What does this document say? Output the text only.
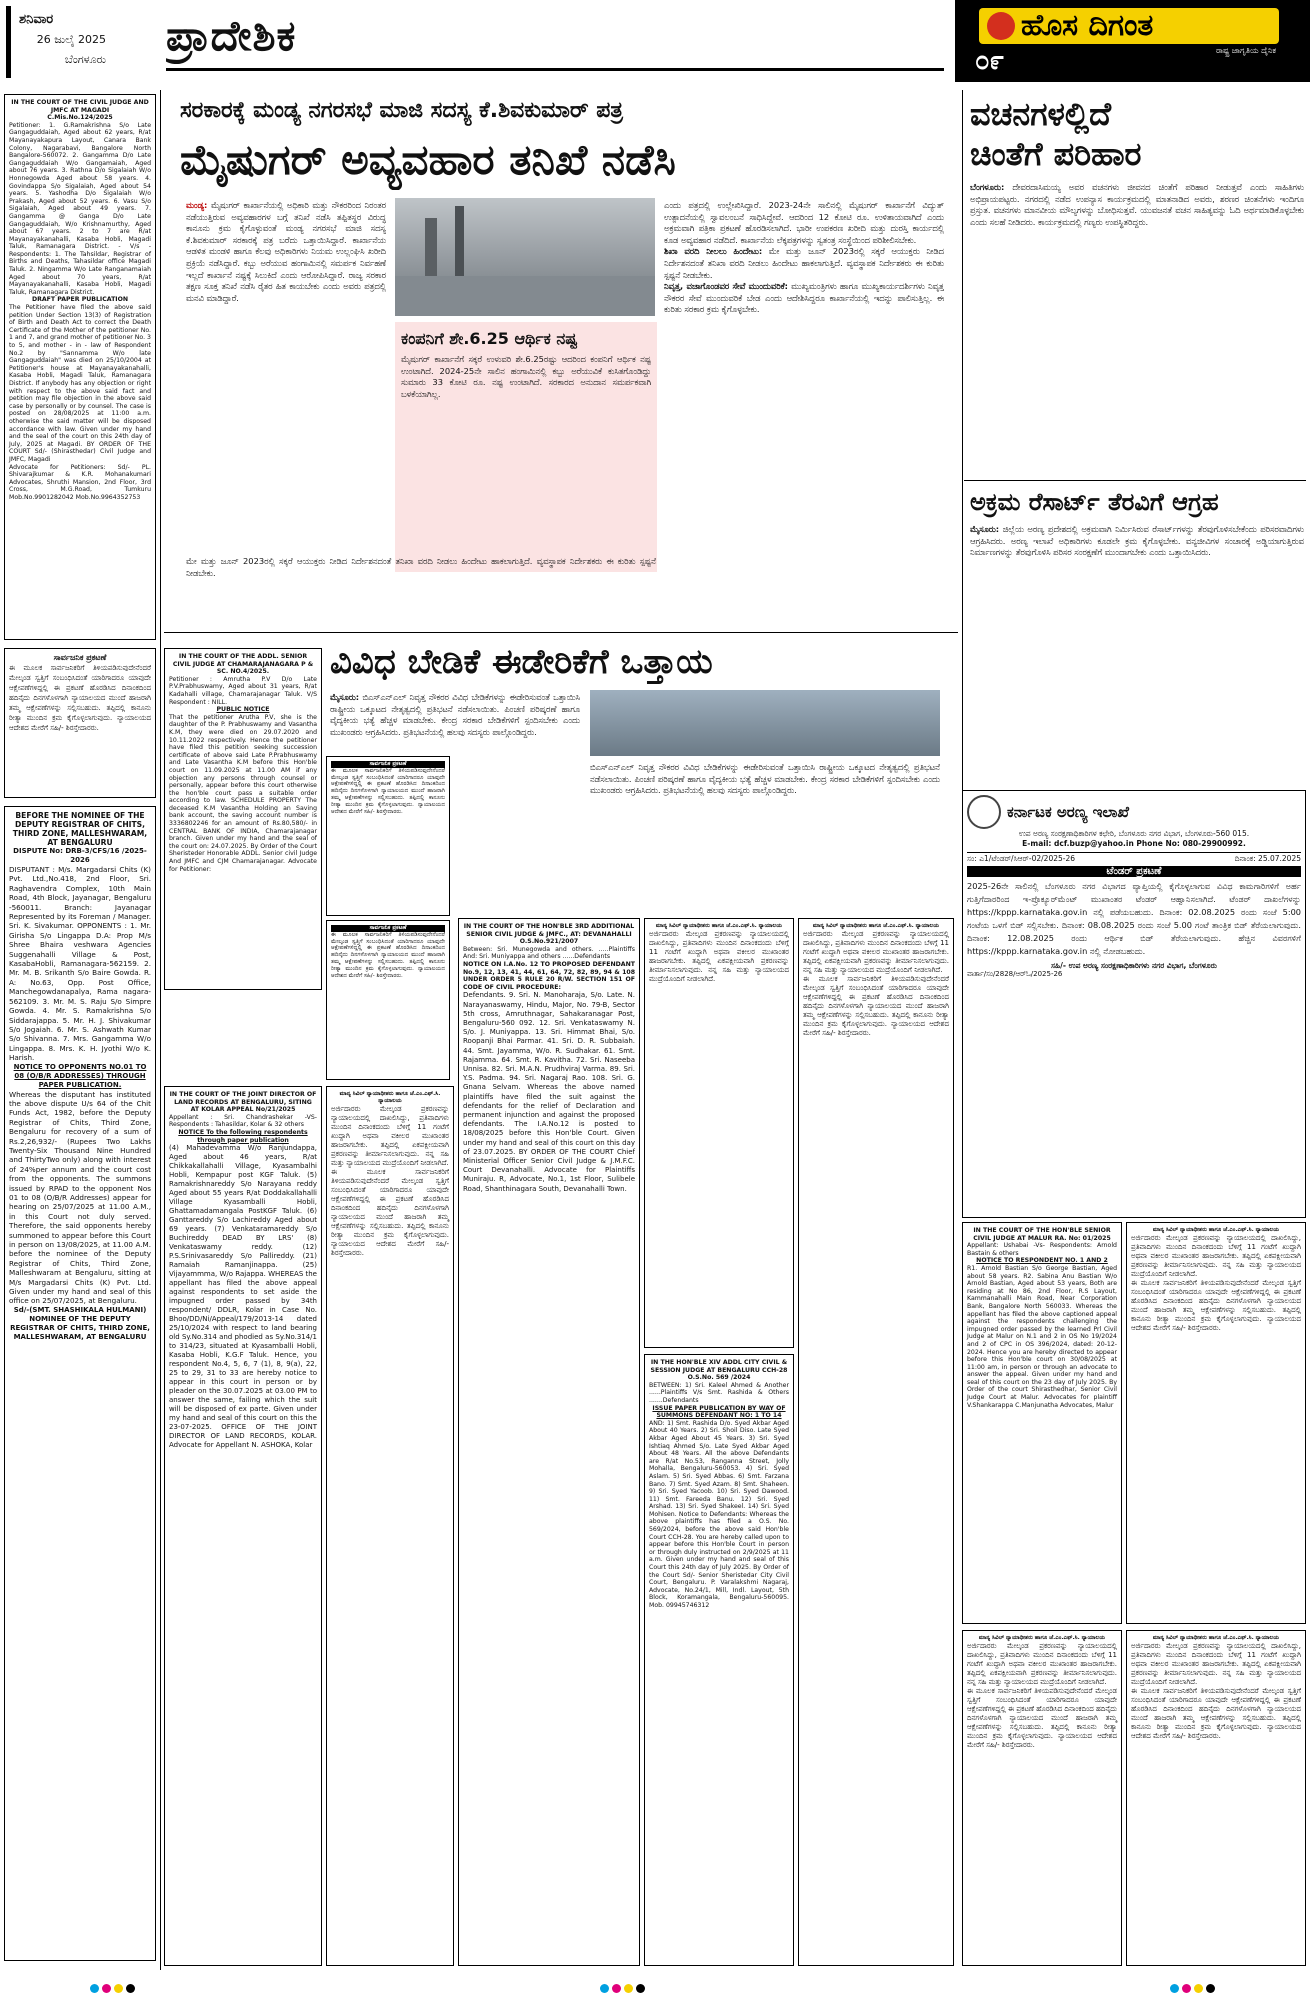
ಶನಿವಾರ
26 ಜುಲೈ 2025
ಬೆಂಗಳೂರು ಪ್ರಾದೇಶಿಕ	ಹೊಸ ದಿಗಂತ
ರಾಷ್ಟ್ರ ಜಾಗೃತಿಯ ದೈನಿಕ
೦೯
IN THE COURT OF THE CIVIL JUDGE AND JMFC AT MAGADI
C.Mis.No.124/2025
Petitioner: 1. G.Ramakrishna S/o Late Gangaguddaiah, Aged about 62 years, R/at Mayanayakapura Layout, Canara Bank Colony, Nagarabavi, Bangalore North Bangalore-560072. 2. Gangamma D/o Late Gangaguddaiah W/o Gangamaiah, Aged about 76 years. 3. Rathna D/o Sigalaiah W/o Honnegowda Aged about 58 years. 4. Govindappa S/o Sigalaiah, Aged about 54 years. 5. Yashodha D/o Sigalaiah W/o Prakash, Aged about 52 years. 6. Vasu S/o Sigalaiah, Aged about 49 years. 7. Gangamma @ Ganga D/o Late Gangaguddaiah, W/o Krishnamurthy, Aged about 67 years. 2 to 7 are R/at Mayanayakanahalli, Kasaba Hobli, Magadi Taluk, Ramanagara District. - V/s - Respondents: 1. The Tahsildar, Registrar of Births and Deaths, Tahasildar office Magadi Taluk. 2. Ningamma W/o Late Ranganamaiah Aged about 70 years, R/at Mayanayakanahalli, Kasaba Hobli, Magadi Taluk, Ramanagara District.
DRAFT PAPER PUBLICATION
The Petitioner have filed the above said petition Under Section 13(3) of Registration of Birth and Death Act to correct the Death Certificate of the Mother of the petitioner No. 1 and 7, and grand mother of petitioner No. 3 to 5, and mother - in - law of Respondent No.2 by "Sannamma W/o late Gangaguddaiah" was died on 25/10/2004 at Petitioner's house at Mayanayakanahalli, Kasaba Hobli, Magadi Taluk, Ramanagara District. If anybody has any objection or right with respect to the above said fact and petition may file objection in the above said case by personally or by counsel. The case is posted on 28/08/2025 at 11:00 a.m. otherwise the said matter will be disposed accordance with law. Given under my hand and the seal of the court on this 24th day of July, 2025 at Magadi. BY ORDER OF THE COURT Sd/- (Shirasthedar) Civil Judge and JMFC, Magadi
Advocate for Petitioners: Sd/- PL. Shivarajkumar & K.R. Mohanakumari Advocates, Shruthi Mansion, 2nd Floor, 3rd Cross, M.G.Road, Tumkuru Mob.No.9901282042 Mob.No.9964352753
BEFORE THE NOMINEE OF THE DEPUTY REGISTRAR OF CHITS, THIRD ZONE, MALLESHWARAM, AT BENGALURU
DISPUTE No: DRB-3/CFS/16 /2025-2026
DISPUTANT : M/s. Margadarsi Chits (K) Pvt. Ltd.,No.418, 2nd Floor, Sri. Raghavendra Complex, 10th Main Road, 4th Block, Jayanagar, Bengaluru -560011. Branch: Jayanagar Represented by its Foreman / Manager. Sri. K. Sivakumar. OPPONENTS : 1. Mr. Girisha S/o Lingappa D.A: Prop M/s Shree Bhaira veshwara Agencies Suggenahalli Village & Post, KasabaHobli, Ramanagara-562159. 2. Mr. M. B. Srikanth S/o Baire Gowda. R. A: No.63, Opp. Post Office, Manchegowdanapalya, Rama nagara-562109. 3. Mr. M. S. Raju S/o Simpre Gowda. 4. Mr. S. Ramakrishna S/o Siddarajappa. 5. Mr. H. J. Shivakumar S/o Jogaiah. 6. Mr. S. Ashwath Kumar S/o Shivanna. 7. Mrs. Gangamma W/o Lingappa. 8. Mrs. K. H. Jyothi W/o K. Harish.
NOTICE TO OPPONENTS NO.01 TO 08 (O/B/R ADDRESSES) THROUGH PAPER PUBLICATION.
Whereas the disputant has instituted the above dispute U/s 64 of the Chit Funds Act, 1982, before the Deputy Registrar of Chits, Third Zone, Bengaluru for recovery of a sum of Rs.2,26,932/- (Rupees Two Lakhs Twenty-Six Thousand Nine Hundred and ThirtyTwo only) along with interest of 24%per annum and the court cost from the opponents. The summons issued by RPAD to the opponent Nos 01 to 08 (O/B/R Addresses) appear for hearing on 25/07/2025 at 11.00 A.M., in this Court not duly served. Therefore, the said opponents hereby summoned to appear before this Court in person on 13/08/2025, at 11.00 A.M. before the nominee of the Deputy Registrar of Chits, Third Zone, Malleshwaram at Bengaluru, sitting at M/s Margadarsi Chits (K) Pvt. Ltd. Given under my hand and seal of this office on 25/07/2025, at Bengaluru.
Sd/-(SMT. SHASHIKALA HULMANI) NOMINEE OF THE DEPUTY REGISTRAR OF CHITS, THIRD ZONE, MALLESHWARAM, AT BENGALURU
ಸಾರ್ವಜನಿಕ ಪ್ರಕಟಣೆ
ಈ ಮೂಲಕ ಸಾರ್ವಜನಿಕರಿಗೆ ತಿಳಿಯಪಡಿಸುವುದೇನೆಂದರೆ ಮೇಲ್ಕಂಡ ಸ್ವತ್ತಿಗೆ ಸಂಬಂಧಿಸಿದಂತೆ ಯಾರಿಗಾದರೂ ಯಾವುದೇ ಆಕ್ಷೇಪಣೆಗಳಿದ್ದಲ್ಲಿ ಈ ಪ್ರಕಟಣೆ ಹೊರಡಿಸಿದ ದಿನಾಂಕದಿಂದ ಹದಿನೈದು ದಿನಗಳೊಳಗಾಗಿ ನ್ಯಾಯಾಲಯದ ಮುಂದೆ ಹಾಜರಾಗಿ ತಮ್ಮ ಆಕ್ಷೇಪಣೆಗಳನ್ನು ಸಲ್ಲಿಸಬಹುದು. ತಪ್ಪಿದಲ್ಲಿ ಕಾನೂನು ರೀತ್ಯಾ ಮುಂದಿನ ಕ್ರಮ ಕೈಗೊಳ್ಳಲಾಗುವುದು. ನ್ಯಾಯಾಲಯದ ಆದೇಶದ ಮೇರೆಗೆ ಸಹಿ/- ಶಿರಸ್ತೇದಾರರು.
ಸರಕಾರಕ್ಕೆ ಮಂಡ್ಯ ನಗರಸಭೆ ಮಾಜಿ ಸದಸ್ಯ ಕೆ.ಶಿವಕುಮಾರ್ ಪತ್ರ
ಮೈಷುಗರ್ ಅವ್ಯವಹಾರ ತನಿಖೆ ನಡೆಸಿ
ಮಂಡ್ಯ: ಮೈಷುಗರ್ ಕಾರ್ಖಾನೆಯಲ್ಲಿ ಅಧಿಕಾರಿ ಮತ್ತು ನೌಕರರಿಂದ ನಿರಂತರ ನಡೆಯುತ್ತಿರುವ ಅವ್ಯವಹಾರಗಳ ಬಗ್ಗೆ ತನಿಖೆ ನಡೆಸಿ ತಪ್ಪಿತಸ್ಥರ ವಿರುದ್ಧ ಕಾನೂನು ಕ್ರಮ ಕೈಗೊಳ್ಳುವಂತೆ ಮಂಡ್ಯ ನಗರಸಭೆ ಮಾಜಿ ಸದಸ್ಯ ಕೆ.ಶಿವಕುಮಾರ್ ಸರಕಾರಕ್ಕೆ ಪತ್ರ ಬರೆದು ಒತ್ತಾಯಿಸಿದ್ದಾರೆ. ಕಾರ್ಖಾನೆಯ ಆಡಳಿತ ಮಂಡಳಿ ಹಾಗೂ ಕೆಲವು ಅಧಿಕಾರಿಗಳು ನಿಯಮ ಉಲ್ಲಂಘಿಸಿ ಖರೀದಿ ಪ್ರಕ್ರಿಯೆ ನಡೆಸಿದ್ದಾರೆ. ಕಬ್ಬು ಅರೆಯುವ ಹಂಗಾಮಿನಲ್ಲಿ ಸಮರ್ಪಕ ನಿರ್ವಹಣೆ ಇಲ್ಲದೆ ಕಾರ್ಖಾನೆ ನಷ್ಟಕ್ಕೆ ಸಿಲುಕಿದೆ ಎಂದು ಆರೋಪಿಸಿದ್ದಾರೆ. ರಾಜ್ಯ ಸರಕಾರ ತಕ್ಷಣ ಸೂಕ್ತ ತನಿಖೆ ನಡೆಸಿ ರೈತರ ಹಿತ ಕಾಯಬೇಕು ಎಂದು ಅವರು ಪತ್ರದಲ್ಲಿ ಮನವಿ ಮಾಡಿದ್ದಾರೆ.
ಕಂಪನಿಗೆ ಶೇ.6.25 ಆರ್ಥಿಕ ನಷ್ಟ
ಮೈಷುಗರ್ ಕಾರ್ಖಾನೆಗೆ ಸಕ್ಕರೆ ಉಳುವರಿ ಶೇ.6.25ರಷ್ಟು ಆದರಿಂದ ಕಂಪನಿಗೆ ಆರ್ಥಿಕ ನಷ್ಟ ಉಂಟಾಗಿದೆ. 2024-25ನೇ ಸಾಲಿನ ಹಂಗಾಮಿನಲ್ಲಿ ಕಬ್ಬು ಅರೆಯುವಿಕೆ ಕುಸಿತಗೊಂಡಿದ್ದು ಸುಮಾರು 33 ಕೋಟಿ ರೂ. ನಷ್ಟ ಉಂಟಾಗಿದೆ. ಸರಕಾರದ ಅನುದಾನ ಸಮರ್ಪಕವಾಗಿ ಬಳಕೆಯಾಗಿಲ್ಲ.
ಎಂದು ಪತ್ರದಲ್ಲಿ ಉಲ್ಲೇಖಿಸಿದ್ದಾರೆ. 2023-24ನೇ ಸಾಲಿನಲ್ಲಿ ಮೈಷುಗರ್ ಕಾರ್ಖಾನೆಗೆ ವಿದ್ಯುತ್ ಉತ್ಪಾದನೆಯಲ್ಲಿ ಸ್ವಾವಲಂಬನೆ ಸಾಧಿಸಿದ್ದೇವೆ. ಆದರಿಂದ 12 ಕೋಟಿ ರೂ. ಉಳಿತಾಯವಾಗಿದೆ ಎಂದು ಅಕ್ರಮವಾಗಿ ಪತ್ರಿಕಾ ಪ್ರಕಟಣೆ ಹೊರಡಿಸಲಾಗಿದೆ. ಭಾರೀ ಉಪಕರಣ ಖರೀದಿ ಮತ್ತು ದುರಸ್ತಿ ಕಾರ್ಯದಲ್ಲಿ ಕೂಡ ಅವ್ಯವಹಾರ ನಡೆದಿದೆ. ಕಾರ್ಖಾನೆಯ ಲೆಕ್ಕಪತ್ರಗಳನ್ನು ಸ್ವತಂತ್ರ ಸಂಸ್ಥೆಯಿಂದ ಪರಿಶೀಲಿಸಬೇಕು.
ಶಿಖಾ ವರದಿ ನೀಲಲು ಹಿಂದೇಟು: ಮೇ ಮತ್ತು ಜೂನ್ 2023ರಲ್ಲಿ ಸಕ್ಕರೆ ಆಯುಕ್ತರು ನೀಡಿದ ನಿರ್ದೇಶನದಂತೆ ತನಿಖಾ ವರದಿ ನೀಡಲು ಹಿಂದೇಟು ಹಾಕಲಾಗುತ್ತಿದೆ. ವ್ಯವಸ್ಥಾಪಕ ನಿರ್ದೇಶಕರು ಈ ಕುರಿತು ಸ್ಪಷ್ಟನೆ ನೀಡಬೇಕು.
ನಿವೃತ್ತ, ವಜಾಗೊಂಡವರ ಸೇವೆ ಮುಂದುವರಿಕೆ: ಮುಖ್ಯಮಂತ್ರಿಗಳು ಹಾಗೂ ಮುಖ್ಯಕಾರ್ಯದರ್ಶಿಗಳು ನಿವೃತ್ತ ನೌಕರರ ಸೇವೆ ಮುಂದುವರಿಕೆ ಬೇಡ ಎಂದು ಆದೇಶಿಸಿದ್ದರೂ ಕಾರ್ಖಾನೆಯಲ್ಲಿ ಇದನ್ನು ಪಾಲಿಸುತ್ತಿಲ್ಲ. ಈ ಕುರಿತು ಸರಕಾರ ಕ್ರಮ ಕೈಗೊಳ್ಳಬೇಕು.
ಮೇ ಮತ್ತು ಜೂನ್ 2023ರಲ್ಲಿ ಸಕ್ಕರೆ ಆಯುಕ್ತರು ನೀಡಿದ ನಿರ್ದೇಶನದಂತೆ ತನಿಖಾ ವರದಿ ನೀಡಲು ಹಿಂದೇಟು ಹಾಕಲಾಗುತ್ತಿದೆ. ವ್ಯವಸ್ಥಾಪಕ ನಿರ್ದೇಶಕರು ಈ ಕುರಿತು ಸ್ಪಷ್ಟನೆ ನೀಡಬೇಕು.
ವಚನಗಳಲ್ಲಿದೆ
ಚಿಂತೆಗೆ ಪರಿಹಾರ
ಬೆಂಗಳೂರು: ದೇವರದಾಸಿಮಯ್ಯ ಅವರ ವಚನಗಳು ಜೀವನದ ಚಿಂತೆಗೆ ಪರಿಹಾರ ನೀಡುತ್ತವೆ ಎಂದು ಸಾಹಿತಿಗಳು ಅಭಿಪ್ರಾಯಪಟ್ಟರು. ನಗರದಲ್ಲಿ ನಡೆದ ಉಪನ್ಯಾಸ ಕಾರ್ಯಕ್ರಮದಲ್ಲಿ ಮಾತನಾಡಿದ ಅವರು, ಶರಣರ ಚಿಂತನೆಗಳು ಇಂದಿಗೂ ಪ್ರಸ್ತುತ. ವಚನಗಳು ಮಾನವೀಯ ಮೌಲ್ಯಗಳನ್ನು ಬೋಧಿಸುತ್ತವೆ. ಯುವಜನತೆ ವಚನ ಸಾಹಿತ್ಯವನ್ನು ಓದಿ ಅರ್ಥಮಾಡಿಕೊಳ್ಳಬೇಕು ಎಂದು ಸಲಹೆ ನೀಡಿದರು. ಕಾರ್ಯಕ್ರಮದಲ್ಲಿ ಗಣ್ಯರು ಉಪಸ್ಥಿತರಿದ್ದರು.
ಅಕ್ರಮ ರೆಸಾರ್ಟ್ ತೆರವಿಗೆ ಆಗ್ರಹ
ಮೈಸೂರು: ಜಿಲ್ಲೆಯ ಅರಣ್ಯ ಪ್ರದೇಶದಲ್ಲಿ ಅಕ್ರಮವಾಗಿ ನಿರ್ಮಿಸಿರುವ ರೆಸಾರ್ಟ್‌ಗಳನ್ನು ತೆರವುಗೊಳಿಸಬೇಕೆಂದು ಪರಿಸರವಾದಿಗಳು ಆಗ್ರಹಿಸಿದರು. ಅರಣ್ಯ ಇಲಾಖೆ ಅಧಿಕಾರಿಗಳು ಕೂಡಲೇ ಕ್ರಮ ಕೈಗೊಳ್ಳಬೇಕು. ವನ್ಯಜೀವಿಗಳ ಸಂಚಾರಕ್ಕೆ ಅಡ್ಡಿಯಾಗುತ್ತಿರುವ ನಿರ್ಮಾಣಗಳನ್ನು ತೆರವುಗೊಳಿಸಿ ಪರಿಸರ ಸಂರಕ್ಷಣೆಗೆ ಮುಂದಾಗಬೇಕು ಎಂದು ಒತ್ತಾಯಿಸಿದರು.
ವಿವಿಧ ಬೇಡಿಕೆ ಈಡೇರಿಕೆಗೆ ಒತ್ತಾಯ
ಮೈಸೂರು: ಬಿಎಸ್‌ಎನ್‌ಎಲ್ ನಿವೃತ್ತ ನೌಕರರ ವಿವಿಧ ಬೇಡಿಕೆಗಳನ್ನು ಈಡೇರಿಸುವಂತೆ ಒತ್ತಾಯಿಸಿ ರಾಷ್ಟ್ರೀಯ ಒಕ್ಕೂಟದ ನೇತೃತ್ವದಲ್ಲಿ ಪ್ರತಿಭಟನೆ ನಡೆಸಲಾಯಿತು. ಪಿಂಚಣಿ ಪರಿಷ್ಕರಣೆ ಹಾಗೂ ವೈದ್ಯಕೀಯ ಭತ್ಯೆ ಹೆಚ್ಚಳ ಮಾಡಬೇಕು. ಕೇಂದ್ರ ಸರಕಾರ ಬೇಡಿಕೆಗಳಿಗೆ ಸ್ಪಂದಿಸಬೇಕು ಎಂದು ಮುಖಂಡರು ಆಗ್ರಹಿಸಿದರು. ಪ್ರತಿಭಟನೆಯಲ್ಲಿ ಹಲವು ಸದಸ್ಯರು ಪಾಲ್ಗೊಂಡಿದ್ದರು.
ಬಿಎಸ್‌ಎನ್‌ಎಲ್ ನಿವೃತ್ತ ನೌಕರರ ವಿವಿಧ ಬೇಡಿಕೆಗಳನ್ನು ಈಡೇರಿಸುವಂತೆ ಒತ್ತಾಯಿಸಿ ರಾಷ್ಟ್ರೀಯ ಒಕ್ಕೂಟದ ನೇತೃತ್ವದಲ್ಲಿ ಪ್ರತಿಭಟನೆ ನಡೆಸಲಾಯಿತು. ಪಿಂಚಣಿ ಪರಿಷ್ಕರಣೆ ಹಾಗೂ ವೈದ್ಯಕೀಯ ಭತ್ಯೆ ಹೆಚ್ಚಳ ಮಾಡಬೇಕು. ಕೇಂದ್ರ ಸರಕಾರ ಬೇಡಿಕೆಗಳಿಗೆ ಸ್ಪಂದಿಸಬೇಕು ಎಂದು ಮುಖಂಡರು ಆಗ್ರಹಿಸಿದರು. ಪ್ರತಿಭಟನೆಯಲ್ಲಿ ಹಲವು ಸದಸ್ಯರು ಪಾಲ್ಗೊಂಡಿದ್ದರು.
IN THE COURT OF THE ADDL. SENIOR CIVIL JUDGE AT CHAMARAJANAGARA P & SC. NO.4/2025.
Petitioner : Amrutha P.V D/o Late P.V.Prabhuswamy, Aged about 31 years, R/at Kadahalli village, Chamarajanagar Taluk. V/S Respondent : NILL.
PUBLIC NOTICE
That the petitioner Arutha P.V, she is the daughter of the P. Prabhuswamy and Vasantha K.M, they were died on 29.07.2020 and 10.11.2022 respectively. Hence the petitioner have filed this petition seeking succession certificate of above said Late P.Prabhuswamy and Late Vasantha K.M before this Hon'ble court on 11.09.2025 at 11.00 AM if any objection any persons through counsel or personally, appear before this court otherwise the hon'ble court pass a suitable order according to law. SCHEDULE PROPERTY The deceased K.M Vasantha Holding an Saving bank account, the saving account number is 3336802246 for an amount of Rs.80,580/- in CENTRAL BANK OF INDIA, Chamarajanagar branch. Given under my hand and the seal of the court on: 24.07.2025. By Order of the Court Sheristeder Honorable ADDL. Senior civil Judge And JMFC and CJM Chamarajanagar. Advocate for Petitioner:
IN THE COURT OF THE JOINT DIRECTOR OF LAND RECORDS AT BENGALURU, SITING AT KOLAR APPEAL No/21/2025
Appellant : Sri. Chandrashekar -VS- Respondents : Tahasildar, Kolar & 32 others
NOTICE To the following respondents through paper publication
(4) Mahadevamma W/o Ranjundappa, Aged about 46 years, R/at Chikkakallahalli Village, Kyasambalhi Hobli, Kempapur post KGF Taluk. (5) Ramakrishnareddy S/o Narayana reddy Aged about 55 years R/at Doddakallahalli Village Kyasamballi Hobli, Ghattamadamangala PostKGF Taluk. (6) Ganttareddy S/o Lachireddy Aged about 69 years. (7) Venkataramareddy S/o Buchireddy DEAD BY LRS' (8) Venkataswamy reddy. (12) P.S.Srinivasareddy S/o Pallireddy. (21) Ramaiah Ramanjinappa. (25) Vijayammma, W/o Rajappa. WHEREAS the appellant has filed the above appeal against respondents to set aside the impugned order passed by 34th respondent/ DDLR, Kolar in Case No. Bhoo/DD/Ni/Appeal/179/2013-14 dated 25/10/2024 with respect to land bearing old Sy.No.314 and phodied as Sy.No.314/1 to 314/23, situated at Kyasamballi Hobli, Kasaba Hobli, K.G.F Taluk. Hence, you respondent No.4, 5, 6, 7 (1), 8, 9(a), 22, 25 to 29, 31 to 33 are hereby notice to appear in this court in person or by pleader on the 30.07.2025 at 03.00 PM to answer the same, failing which the suit will be disposed of ex parte. Given under my hand and seal of this court on this the 23-07-2025. OFFICE OF THE JOINT DIRECTOR OF LAND RECORDS, KOLAR. Advocate for Appellant N. ASHOKA, Kolar
ಸಾರ್ವಜನಿಕ ಪ್ರಕಟಣೆ
ಈ ಮೂಲಕ ಸಾರ್ವಜನಿಕರಿಗೆ ತಿಳಿಯಪಡಿಸುವುದೇನೆಂದರೆ ಮೇಲ್ಕಂಡ ಸ್ವತ್ತಿಗೆ ಸಂಬಂಧಿಸಿದಂತೆ ಯಾರಿಗಾದರೂ ಯಾವುದೇ ಆಕ್ಷೇಪಣೆಗಳಿದ್ದಲ್ಲಿ ಈ ಪ್ರಕಟಣೆ ಹೊರಡಿಸಿದ ದಿನಾಂಕದಿಂದ ಹದಿನೈದು ದಿನಗಳೊಳಗಾಗಿ ನ್ಯಾಯಾಲಯದ ಮುಂದೆ ಹಾಜರಾಗಿ ತಮ್ಮ ಆಕ್ಷೇಪಣೆಗಳನ್ನು ಸಲ್ಲಿಸಬಹುದು. ತಪ್ಪಿದಲ್ಲಿ ಕಾನೂನು ರೀತ್ಯಾ ಮುಂದಿನ ಕ್ರಮ ಕೈಗೊಳ್ಳಲಾಗುವುದು. ನ್ಯಾಯಾಲಯದ ಆದೇಶದ ಮೇರೆಗೆ ಸಹಿ/- ಶಿರಸ್ತೇದಾರರು.
ಸಾರ್ವಜನಿಕ ಪ್ರಕಟಣೆ
ಈ ಮೂಲಕ ಸಾರ್ವಜನಿಕರಿಗೆ ತಿಳಿಯಪಡಿಸುವುದೇನೆಂದರೆ ಮೇಲ್ಕಂಡ ಸ್ವತ್ತಿಗೆ ಸಂಬಂಧಿಸಿದಂತೆ ಯಾರಿಗಾದರೂ ಯಾವುದೇ ಆಕ್ಷೇಪಣೆಗಳಿದ್ದಲ್ಲಿ ಈ ಪ್ರಕಟಣೆ ಹೊರಡಿಸಿದ ದಿನಾಂಕದಿಂದ ಹದಿನೈದು ದಿನಗಳೊಳಗಾಗಿ ನ್ಯಾಯಾಲಯದ ಮುಂದೆ ಹಾಜರಾಗಿ ತಮ್ಮ ಆಕ್ಷೇಪಣೆಗಳನ್ನು ಸಲ್ಲಿಸಬಹುದು. ತಪ್ಪಿದಲ್ಲಿ ಕಾನೂನು ರೀತ್ಯಾ ಮುಂದಿನ ಕ್ರಮ ಕೈಗೊಳ್ಳಲಾಗುವುದು. ನ್ಯಾಯಾಲಯದ ಆದೇಶದ ಮೇರೆಗೆ ಸಹಿ/- ಶಿರಸ್ತೇದಾರರು.
ಮಾನ್ಯ ಸಿವಿಲ್ ನ್ಯಾಯಾಧೀಶರು ಹಾಗೂ ಜೆ.ಎಂ.ಎಫ್.ಸಿ. ನ್ಯಾಯಾಲಯ
ಅರ್ಜಿದಾರರು ಮೇಲ್ಕಂಡ ಪ್ರಕರಣವನ್ನು ನ್ಯಾಯಾಲಯದಲ್ಲಿ ದಾಖಲಿಸಿದ್ದು, ಪ್ರತಿವಾದಿಗಳು ಮುಂದಿನ ದಿನಾಂಕದಂದು ಬೆಳಿಗ್ಗೆ 11 ಗಂಟೆಗೆ ಖುದ್ದಾಗಿ ಅಥವಾ ವಕೀಲರ ಮುಖಾಂತರ ಹಾಜರಾಗಬೇಕು. ತಪ್ಪಿದಲ್ಲಿ ಏಕಪಕ್ಷೀಯವಾಗಿ ಪ್ರಕರಣವನ್ನು ತೀರ್ಮಾನಿಸಲಾಗುವುದು. ನನ್ನ ಸಹಿ ಮತ್ತು ನ್ಯಾಯಾಲಯದ ಮುದ್ರೆಯೊಂದಿಗೆ ನೀಡಲಾಗಿದೆ.
ಈ ಮೂಲಕ ಸಾರ್ವಜನಿಕರಿಗೆ ತಿಳಿಯಪಡಿಸುವುದೇನೆಂದರೆ ಮೇಲ್ಕಂಡ ಸ್ವತ್ತಿಗೆ ಸಂಬಂಧಿಸಿದಂತೆ ಯಾರಿಗಾದರೂ ಯಾವುದೇ ಆಕ್ಷೇಪಣೆಗಳಿದ್ದಲ್ಲಿ ಈ ಪ್ರಕಟಣೆ ಹೊರಡಿಸಿದ ದಿನಾಂಕದಿಂದ ಹದಿನೈದು ದಿನಗಳೊಳಗಾಗಿ ನ್ಯಾಯಾಲಯದ ಮುಂದೆ ಹಾಜರಾಗಿ ತಮ್ಮ ಆಕ್ಷೇಪಣೆಗಳನ್ನು ಸಲ್ಲಿಸಬಹುದು. ತಪ್ಪಿದಲ್ಲಿ ಕಾನೂನು ರೀತ್ಯಾ ಮುಂದಿನ ಕ್ರಮ ಕೈಗೊಳ್ಳಲಾಗುವುದು. ನ್ಯಾಯಾಲಯದ ಆದೇಶದ ಮೇರೆಗೆ ಸಹಿ/- ಶಿರಸ್ತೇದಾರರು.
IN THE COURT OF THE HON'BLE 3RD ADDITIONAL SENIOR CIVIL JUDGE & JMFC., AT: DEVANAHALLI O.S.No.921/2007
Between: Sri. Munegowda and others. .....Plaintiffs And: Sri. Muniyappa and others ......Defendants
NOTICE ON I.A.No. 12 TO PROPOSED DEFENDANT No.9, 12, 13, 41, 44, 61, 64, 72, 82, 89, 94 & 108 UNDER ORDER 5 RULE 20 R/W. SECTION 151 OF CODE OF CIVIL PROCEDURE:
Defendants. 9. Sri. N. Manoharaja, S/o. Late. N. Narayanaswamy, Hindu, Major, No. 79-B, Sector 5th cross, Amruthnagar, Sahakaranagar Post, Bengaluru-560 092. 12. Sri. Venkataswamy N. S/o. J. Muniyappa. 13. Sri. Himmat Bhai, S/o. Roopanji Bhai Parmar. 41. Sri. D. R. Subbaiah. 44. Smt. Jayamma, W/o. R. Sudhakar. 61. Smt. Rajamma. 64. Smt. R. Kavitha. 72. Sri. Naseeba Unnisa. 82. Sri. M.A.N. Prudhviraj Varma. 89. Sri. Y.S. Padma. 94. Sri. Nagaraj Rao. 108. Sri. G. Gnana Selvam. Whereas the above named plaintiffs have filed the suit against the defendants for the relief of Declaration and permanent injunction and against the proposed defendants. The I.A.No.12 is posted to 18/08/2025 before this Hon'ble Court. Given under my hand and seal of this court on this day of 23.07.2025. BY ORDER OF THE COURT Chief Ministerial Officer Senior Civil Judge & J.M.F.C. Court Devanahalli. Advocate for Plaintiffs Muniraju. R, Advocate, No.1, 1st Floor, Sulibele Road, Shanthinagara South, Devanahalli Town.
ಮಾನ್ಯ ಸಿವಿಲ್ ನ್ಯಾಯಾಧೀಶರು ಹಾಗೂ ಜೆ.ಎಂ.ಎಫ್.ಸಿ. ನ್ಯಾಯಾಲಯ
ಅರ್ಜಿದಾರರು ಮೇಲ್ಕಂಡ ಪ್ರಕರಣವನ್ನು ನ್ಯಾಯಾಲಯದಲ್ಲಿ ದಾಖಲಿಸಿದ್ದು, ಪ್ರತಿವಾದಿಗಳು ಮುಂದಿನ ದಿನಾಂಕದಂದು ಬೆಳಿಗ್ಗೆ 11 ಗಂಟೆಗೆ ಖುದ್ದಾಗಿ ಅಥವಾ ವಕೀಲರ ಮುಖಾಂತರ ಹಾಜರಾಗಬೇಕು. ತಪ್ಪಿದಲ್ಲಿ ಏಕಪಕ್ಷೀಯವಾಗಿ ಪ್ರಕರಣವನ್ನು ತೀರ್ಮಾನಿಸಲಾಗುವುದು. ನನ್ನ ಸಹಿ ಮತ್ತು ನ್ಯಾಯಾಲಯದ ಮುದ್ರೆಯೊಂದಿಗೆ ನೀಡಲಾಗಿದೆ.
IN THE HON'BLE XIV ADDL CITY CIVIL & SESSION JUDGE AT BENGALURU CCH-28 O.S.No. 569 /2024
BETWEEN: 1) Sri. Kaleel Ahmed & Another ......Plaintiffs V/s Smt. Rashida & Others .......Defendants
ISSUE PAPER PUBLICATION BY WAY OF SUMMONS DEFENDANT NO: 1 TO 14
AND: 1) Smt. Rashida D/o. Syed Akbar Aged About 40 Years. 2) Sri. Shoil Diso. Late Syed Akbar Aged About 45 Years. 3) Sri. Syed Ishtiaq Ahmed S/o. Late Syed Akbar Aged About 48 Years. All the above Defendants are R/at No.53, Ranganna Street, Jolly Mohalla, Bengaluru-560053. 4) Sri. Syed Aslam. 5) Sri. Syed Abbas. 6) Smt. Farzana Bano. 7) Smt. Syed Azam. 8) Smt. Shaheen. 9) Sri. Syed Yacoob. 10) Sri. Syed Dawood. 11) Smt. Fareeda Banu. 12) Sri. Syed Arshad. 13) Sri. Syed Shakeel. 14) Sri. Syed Mohisen. Notice to Defendants: Whereas the above plaintiffs has filed a O.S. No. 569/2024, before the above said Hon'ble Court CCH-28. You are hereby called upon to appear before this Hon'ble Court in person or through duly instructed on 2/9/2025 at 11 a.m. Given under my hand and seal of this Court this 24th day of July 2025. By Order of the Court Sd/- Senior Sheristedar City Civil Court, Bengaluru. P. Varalakshmi Nagaraj, Advocate, No.24/1, Mill, Indl. Layout, 5th Block, Koramangala, Bengaluru-560095. Mob. 09945746312
ಮಾನ್ಯ ಸಿವಿಲ್ ನ್ಯಾಯಾಧೀಶರು ಹಾಗೂ ಜೆ.ಎಂ.ಎಫ್.ಸಿ. ನ್ಯಾಯಾಲಯ
ಅರ್ಜಿದಾರರು ಮೇಲ್ಕಂಡ ಪ್ರಕರಣವನ್ನು ನ್ಯಾಯಾಲಯದಲ್ಲಿ ದಾಖಲಿಸಿದ್ದು, ಪ್ರತಿವಾದಿಗಳು ಮುಂದಿನ ದಿನಾಂಕದಂದು ಬೆಳಿಗ್ಗೆ 11 ಗಂಟೆಗೆ ಖುದ್ದಾಗಿ ಅಥವಾ ವಕೀಲರ ಮುಖಾಂತರ ಹಾಜರಾಗಬೇಕು. ತಪ್ಪಿದಲ್ಲಿ ಏಕಪಕ್ಷೀಯವಾಗಿ ಪ್ರಕರಣವನ್ನು ತೀರ್ಮಾನಿಸಲಾಗುವುದು. ನನ್ನ ಸಹಿ ಮತ್ತು ನ್ಯಾಯಾಲಯದ ಮುದ್ರೆಯೊಂದಿಗೆ ನೀಡಲಾಗಿದೆ.
ಈ ಮೂಲಕ ಸಾರ್ವಜನಿಕರಿಗೆ ತಿಳಿಯಪಡಿಸುವುದೇನೆಂದರೆ ಮೇಲ್ಕಂಡ ಸ್ವತ್ತಿಗೆ ಸಂಬಂಧಿಸಿದಂತೆ ಯಾರಿಗಾದರೂ ಯಾವುದೇ ಆಕ್ಷೇಪಣೆಗಳಿದ್ದಲ್ಲಿ ಈ ಪ್ರಕಟಣೆ ಹೊರಡಿಸಿದ ದಿನಾಂಕದಿಂದ ಹದಿನೈದು ದಿನಗಳೊಳಗಾಗಿ ನ್ಯಾಯಾಲಯದ ಮುಂದೆ ಹಾಜರಾಗಿ ತಮ್ಮ ಆಕ್ಷೇಪಣೆಗಳನ್ನು ಸಲ್ಲಿಸಬಹುದು. ತಪ್ಪಿದಲ್ಲಿ ಕಾನೂನು ರೀತ್ಯಾ ಮುಂದಿನ ಕ್ರಮ ಕೈಗೊಳ್ಳಲಾಗುವುದು. ನ್ಯಾಯಾಲಯದ ಆದೇಶದ ಮೇರೆಗೆ ಸಹಿ/- ಶಿರಸ್ತೇದಾರರು.
ಕರ್ನಾಟಕ ಅರಣ್ಯ ಇಲಾಖೆ
ಉಪ ಅರಣ್ಯ ಸಂರಕ್ಷಣಾಧಿಕಾರಿಗಳ ಕಛೇರಿ, ಬೆಂಗಳೂರು ನಗರ ವಿಭಾಗ, ಬೆಂಗಳೂರು-560 015.
E-mail: dcf.buzp@yahoo.in Phone No: 080-29900992.
ಸಂ: ಎ1/ಟೆಂಡರ್/ಸಿಆರ್-02/2025-26	ದಿನಾಂಕ: 25.07.2025
ಟೆಂಡರ್ ಪ್ರಕಟಣೆ
2025-26ನೇ ಸಾಲಿನಲ್ಲಿ ಬೆಂಗಳೂರು ನಗರ ವಿಭಾಗದ ವ್ಯಾಪ್ತಿಯಲ್ಲಿ ಕೈಗೊಳ್ಳಲಾಗುವ ವಿವಿಧ ಕಾಮಗಾರಿಗಳಿಗೆ ಅರ್ಹ ಗುತ್ತಿಗೆದಾರರಿಂದ ಇ-ಪ್ರೊಕ್ಯೂರ್‌ಮೆಂಟ್ ಮುಖಾಂತರ ಟೆಂಡರ್ ಆಹ್ವಾನಿಸಲಾಗಿದೆ. ಟೆಂಡರ್ ದಾಖಲೆಗಳನ್ನು https://kppp.karnataka.gov.in ನಲ್ಲಿ ಪಡೆಯಬಹುದು. ದಿನಾಂಕ: 02.08.2025 ರಂದು ಸಂಜೆ 5:00 ಗಂಟೆಯ ಒಳಗೆ ಬಿಡ್ ಸಲ್ಲಿಸಬೇಕು. ದಿನಾಂಕ: 08.08.2025 ರಂದು ಸಂಜೆ 5.00 ಗಂಟೆ ತಾಂತ್ರಿಕ ಬಿಡ್ ತೆರೆಯಲಾಗುವುದು. ದಿನಾಂಕ: 12.08.2025 ರಂದು ಆರ್ಥಿಕ ಬಿಡ್ ತೆರೆಯಲಾಗುವುದು. ಹೆಚ್ಚಿನ ವಿವರಗಳಿಗೆ https://kppp.karnataka.gov.in ನಲ್ಲಿ ನೋಡಬಹುದು.
ಸಹಿ/- ಉಪ ಅರಣ್ಯ ಸಂರಕ್ಷಣಾಧಿಕಾರಿಗಳು ನಗರ ವಿಭಾಗ, ಬೆಂಗಳೂರು
ವಾರ್ತಾ/ಸಂ/2828/ಆರ್‌ಓ/2025-26
IN THE COURT OF THE HON'BLE SENIOR CIVIL JUDGE AT MALUR RA. No: 01/2025
Appellant: Ushabai -Vs- Respondents: Arnold Bastain & others
NOTICE TO RESPONDENT NO. 1 AND 2
R1. Arnold Bastian S/o George Bastian, Aged about 58 years. R2. Sabina Anu Bastian W/o Arnold Bastian, Aged about 53 years, Both are residing at No 86, 2nd Floor, R.S Layout, Kammanahalli Main Road, Near Corporation Bank, Bangalore North 560033. Whereas the appellant has filed the above captioned appeal against the respondents challenging the impugned order passed by the learned Prl Civil Judge at Malur on N.1 and 2 in OS No 19/2024 and 2 of CPC in OS 396/2024, dated: 20-12-2024. Hence you are hereby directed to appear before this Hon'ble court on 30/08/2025 at 11:00 am, in person or through an advocate to answer the appeal. Given under my hand and seal of this court on the 23 day of July 2025. By Order of the court Shirasthedhar, Senior Civil Judge Court at Malur. Advocates for plaintiff V.Shankarappa C.Manjunatha Advocates, Malur
ಮಾನ್ಯ ಸಿವಿಲ್ ನ್ಯಾಯಾಧೀಶರು ಹಾಗೂ ಜೆ.ಎಂ.ಎಫ್.ಸಿ. ನ್ಯಾಯಾಲಯ
ಅರ್ಜಿದಾರರು ಮೇಲ್ಕಂಡ ಪ್ರಕರಣವನ್ನು ನ್ಯಾಯಾಲಯದಲ್ಲಿ ದಾಖಲಿಸಿದ್ದು, ಪ್ರತಿವಾದಿಗಳು ಮುಂದಿನ ದಿನಾಂಕದಂದು ಬೆಳಿಗ್ಗೆ 11 ಗಂಟೆಗೆ ಖುದ್ದಾಗಿ ಅಥವಾ ವಕೀಲರ ಮುಖಾಂತರ ಹಾಜರಾಗಬೇಕು. ತಪ್ಪಿದಲ್ಲಿ ಏಕಪಕ್ಷೀಯವಾಗಿ ಪ್ರಕರಣವನ್ನು ತೀರ್ಮಾನಿಸಲಾಗುವುದು. ನನ್ನ ಸಹಿ ಮತ್ತು ನ್ಯಾಯಾಲಯದ ಮುದ್ರೆಯೊಂದಿಗೆ ನೀಡಲಾಗಿದೆ.
ಈ ಮೂಲಕ ಸಾರ್ವಜನಿಕರಿಗೆ ತಿಳಿಯಪಡಿಸುವುದೇನೆಂದರೆ ಮೇಲ್ಕಂಡ ಸ್ವತ್ತಿಗೆ ಸಂಬಂಧಿಸಿದಂತೆ ಯಾರಿಗಾದರೂ ಯಾವುದೇ ಆಕ್ಷೇಪಣೆಗಳಿದ್ದಲ್ಲಿ ಈ ಪ್ರಕಟಣೆ ಹೊರಡಿಸಿದ ದಿನಾಂಕದಿಂದ ಹದಿನೈದು ದಿನಗಳೊಳಗಾಗಿ ನ್ಯಾಯಾಲಯದ ಮುಂದೆ ಹಾಜರಾಗಿ ತಮ್ಮ ಆಕ್ಷೇಪಣೆಗಳನ್ನು ಸಲ್ಲಿಸಬಹುದು. ತಪ್ಪಿದಲ್ಲಿ ಕಾನೂನು ರೀತ್ಯಾ ಮುಂದಿನ ಕ್ರಮ ಕೈಗೊಳ್ಳಲಾಗುವುದು. ನ್ಯಾಯಾಲಯದ ಆದೇಶದ ಮೇರೆಗೆ ಸಹಿ/- ಶಿರಸ್ತೇದಾರರು.
ಮಾನ್ಯ ಸಿವಿಲ್ ನ್ಯಾಯಾಧೀಶರು ಹಾಗೂ ಜೆ.ಎಂ.ಎಫ್.ಸಿ. ನ್ಯಾಯಾಲಯ
ಅರ್ಜಿದಾರರು ಮೇಲ್ಕಂಡ ಪ್ರಕರಣವನ್ನು ನ್ಯಾಯಾಲಯದಲ್ಲಿ ದಾಖಲಿಸಿದ್ದು, ಪ್ರತಿವಾದಿಗಳು ಮುಂದಿನ ದಿನಾಂಕದಂದು ಬೆಳಿಗ್ಗೆ 11 ಗಂಟೆಗೆ ಖುದ್ದಾಗಿ ಅಥವಾ ವಕೀಲರ ಮುಖಾಂತರ ಹಾಜರಾಗಬೇಕು. ತಪ್ಪಿದಲ್ಲಿ ಏಕಪಕ್ಷೀಯವಾಗಿ ಪ್ರಕರಣವನ್ನು ತೀರ್ಮಾನಿಸಲಾಗುವುದು. ನನ್ನ ಸಹಿ ಮತ್ತು ನ್ಯಾಯಾಲಯದ ಮುದ್ರೆಯೊಂದಿಗೆ ನೀಡಲಾಗಿದೆ.
ಈ ಮೂಲಕ ಸಾರ್ವಜನಿಕರಿಗೆ ತಿಳಿಯಪಡಿಸುವುದೇನೆಂದರೆ ಮೇಲ್ಕಂಡ ಸ್ವತ್ತಿಗೆ ಸಂಬಂಧಿಸಿದಂತೆ ಯಾರಿಗಾದರೂ ಯಾವುದೇ ಆಕ್ಷೇಪಣೆಗಳಿದ್ದಲ್ಲಿ ಈ ಪ್ರಕಟಣೆ ಹೊರಡಿಸಿದ ದಿನಾಂಕದಿಂದ ಹದಿನೈದು ದಿನಗಳೊಳಗಾಗಿ ನ್ಯಾಯಾಲಯದ ಮುಂದೆ ಹಾಜರಾಗಿ ತಮ್ಮ ಆಕ್ಷೇಪಣೆಗಳನ್ನು ಸಲ್ಲಿಸಬಹುದು. ತಪ್ಪಿದಲ್ಲಿ ಕಾನೂನು ರೀತ್ಯಾ ಮುಂದಿನ ಕ್ರಮ ಕೈಗೊಳ್ಳಲಾಗುವುದು. ನ್ಯಾಯಾಲಯದ ಆದೇಶದ ಮೇರೆಗೆ ಸಹಿ/- ಶಿರಸ್ತೇದಾರರು.
ಮಾನ್ಯ ಸಿವಿಲ್ ನ್ಯಾಯಾಧೀಶರು ಹಾಗೂ ಜೆ.ಎಂ.ಎಫ್.ಸಿ. ನ್ಯಾಯಾಲಯ
ಅರ್ಜಿದಾರರು ಮೇಲ್ಕಂಡ ಪ್ರಕರಣವನ್ನು ನ್ಯಾಯಾಲಯದಲ್ಲಿ ದಾಖಲಿಸಿದ್ದು, ಪ್ರತಿವಾದಿಗಳು ಮುಂದಿನ ದಿನಾಂಕದಂದು ಬೆಳಿಗ್ಗೆ 11 ಗಂಟೆಗೆ ಖುದ್ದಾಗಿ ಅಥವಾ ವಕೀಲರ ಮುಖಾಂತರ ಹಾಜರಾಗಬೇಕು. ತಪ್ಪಿದಲ್ಲಿ ಏಕಪಕ್ಷೀಯವಾಗಿ ಪ್ರಕರಣವನ್ನು ತೀರ್ಮಾನಿಸಲಾಗುವುದು. ನನ್ನ ಸಹಿ ಮತ್ತು ನ್ಯಾಯಾಲಯದ ಮುದ್ರೆಯೊಂದಿಗೆ ನೀಡಲಾಗಿದೆ.
ಈ ಮೂಲಕ ಸಾರ್ವಜನಿಕರಿಗೆ ತಿಳಿಯಪಡಿಸುವುದೇನೆಂದರೆ ಮೇಲ್ಕಂಡ ಸ್ವತ್ತಿಗೆ ಸಂಬಂಧಿಸಿದಂತೆ ಯಾರಿಗಾದರೂ ಯಾವುದೇ ಆಕ್ಷೇಪಣೆಗಳಿದ್ದಲ್ಲಿ ಈ ಪ್ರಕಟಣೆ ಹೊರಡಿಸಿದ ದಿನಾಂಕದಿಂದ ಹದಿನೈದು ದಿನಗಳೊಳಗಾಗಿ ನ್ಯಾಯಾಲಯದ ಮುಂದೆ ಹಾಜರಾಗಿ ತಮ್ಮ ಆಕ್ಷೇಪಣೆಗಳನ್ನು ಸಲ್ಲಿಸಬಹುದು. ತಪ್ಪಿದಲ್ಲಿ ಕಾನೂನು ರೀತ್ಯಾ ಮುಂದಿನ ಕ್ರಮ ಕೈಗೊಳ್ಳಲಾಗುವುದು. ನ್ಯಾಯಾಲಯದ ಆದೇಶದ ಮೇರೆಗೆ ಸಹಿ/- ಶಿರಸ್ತೇದಾರರು.
